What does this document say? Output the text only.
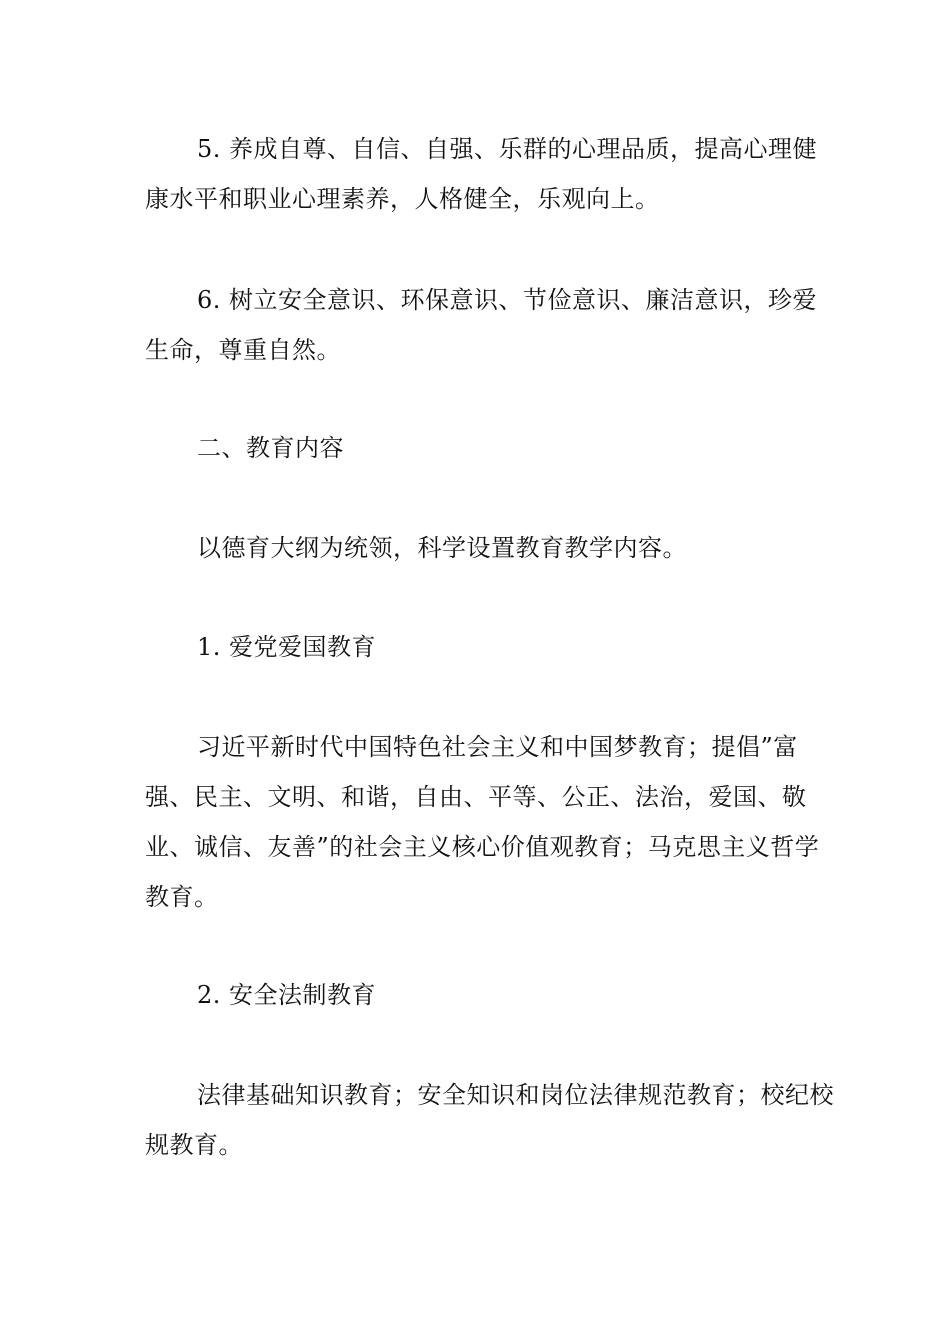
5. 养成自尊、自信、自强、乐群的心理品质，提高心理健康水平和职业心理素养，人格健全，乐观向上。

6. 树立安全意识、环保意识、节俭意识、廉洁意识，珍爱生命，尊重自然。

二、教育内容

以德育大纲为统领，科学设置教育教学内容。

1. 爱党爱国教育

习近平新时代中国特色社会主义和中国梦教育；提倡”富强、民主、文明、和谐，自由、平等、公正、法治，爱国、敬业、诚信、友善”的社会主义核心价值观教育；马克思主义哲学教育。

2. 安全法制教育

法律基础知识教育；安全知识和岗位法律规范教育；校纪校规教育。
